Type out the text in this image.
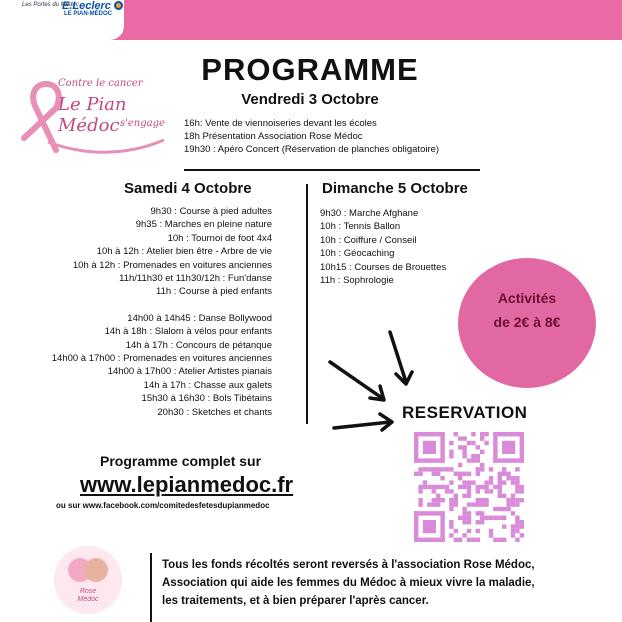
Les Portes du Médoc
E.Leclerc
LE PIAN-MÉDOC
Contre le cancer
Le Pian Médoc s'engage
PROGRAMME
Vendredi 3 Octobre
16h: Vente de viennoiseries devant les écoles
18h Présentation Association Rose Médoc
19h30 : Apéro Concert (Réservation de planches obligatoire)
Samedi 4 Octobre
9h30 : Course à pied adultes
9h35 : Marches en pleine nature
10h : Tournoi de foot 4x4
10h à 12h : Atelier bien être - Arbre de vie
10h à 12h : Promenades en voitures anciennes
11h/11h30 et 11h30/12h : Fun'danse
11h : Course à pied enfants
14h00 à 14h45 : Danse Bollywood
14h à 18h : Slalom à vélos pour enfants
14h à 17h : Concours de pétanque
14h00 à 17h00 : Promenades en voitures anciennes
14h00 à 17h00 : Atelier Artistes pianais
14h à 17h : Chasse aux galets
15h30 à 16h30 : Bols Tibétains
20h30 : Sketches et chants
Dimanche 5 Octobre
9h30 : Marche Afghane
10h : Tennis Ballon
10h : Coiffure / Conseil
10h : Géocaching
10h15 : Courses de Brouettes
11h : Sophrologie
Activités
de 2€ à 8€
RESERVATION
Programme complet sur
www.lepianmedoc.fr
ou sur www.facebook.com/comitedesfetesdupianmedoc
Rose
Médoc
Tous les fonds récoltés seront reversés à l'association Rose Médoc,
Association qui aide les femmes du Médoc à mieux vivre la maladie,
les traitements, et à bien préparer l'après cancer.
